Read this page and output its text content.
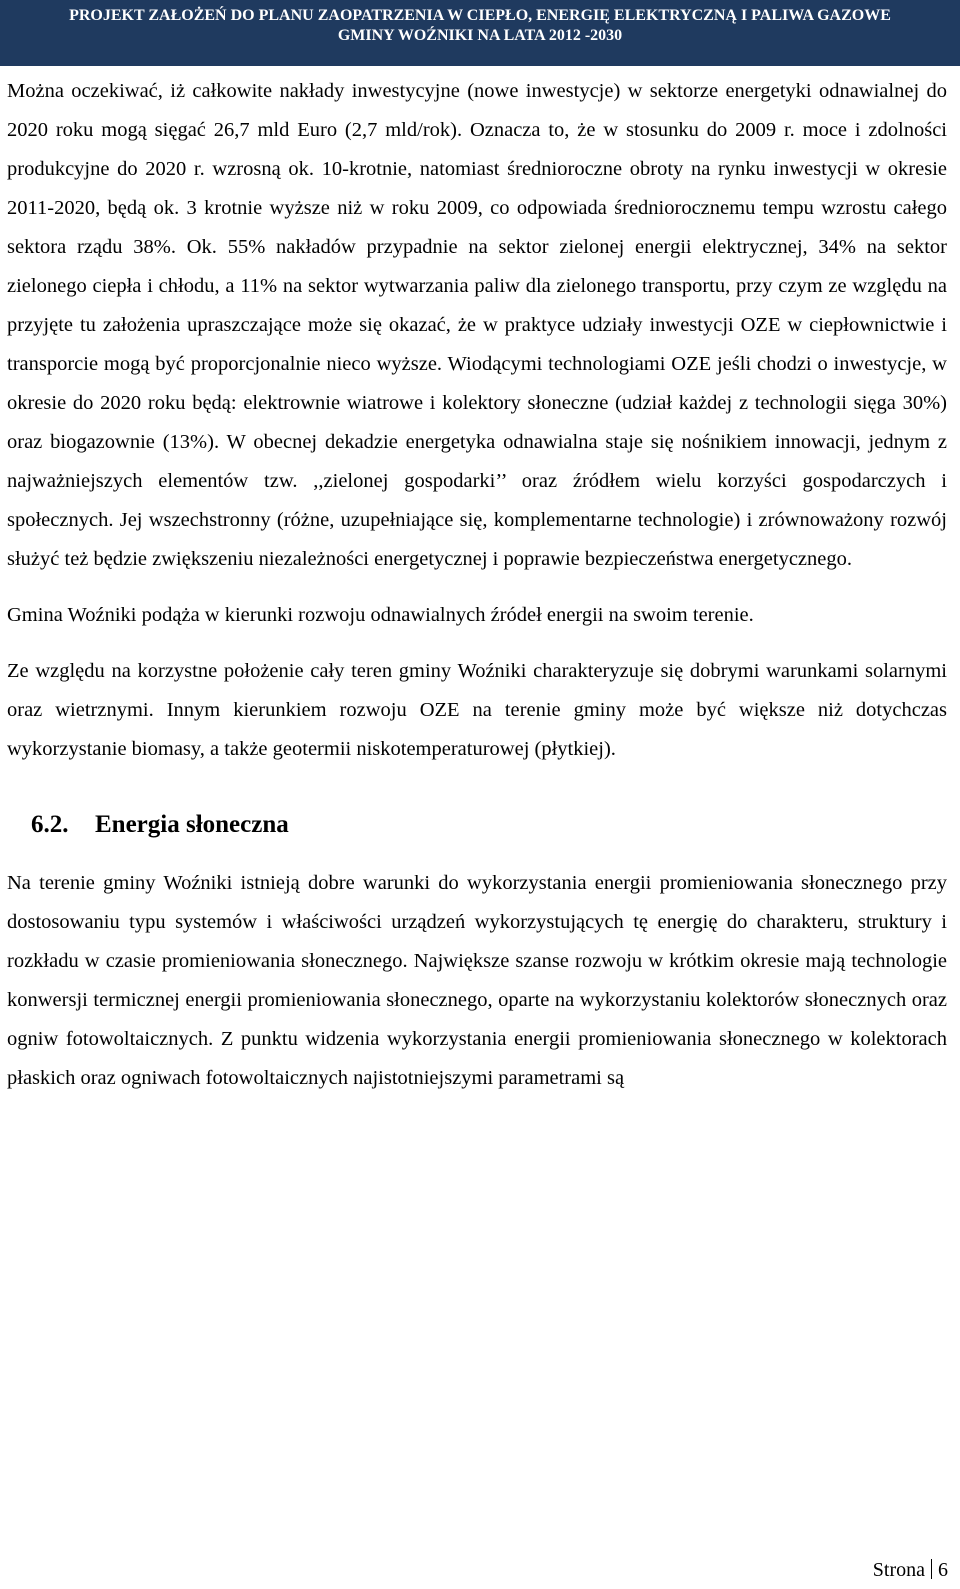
PROJEKT ZAŁOŻEŃ DO PLANU ZAOPATRZENIA W CIEPŁO, ENERGIĘ ELEKTRYCZNĄ I PALIWA GAZOWE
GMINY WOŹNIKI NA LATA 2012 -2030

Można oczekiwać, iż całkowite nakłady inwestycyjne (nowe inwestycje) w sektorze energetyki odnawialnej do 2020 roku mogą sięgać 26,7 mld Euro (2,7 mld/rok). Oznacza to, że w stosunku do 2009 r. moce i zdolności produkcyjne do 2020 r. wzrosną ok. 10-krotnie, natomiast średnioroczne obroty na rynku inwestycji w okresie 2011-2020, będą ok. 3 krotnie wyższe niż w roku 2009, co odpowiada średniorocznemu tempu wzrostu całego sektora rządu 38%. Ok. 55% nakładów przypadnie na sektor zielonej energii elektrycznej, 34% na sektor zielonego ciepła i chłodu, a 11% na sektor wytwarzania paliw dla zielonego transportu, przy czym ze względu na przyjęte tu założenia upraszczające może się okazać, że w praktyce udziały inwestycji OZE w ciepłownictwie i transporcie mogą być proporcjonalnie nieco wyższe. Wiodącymi technologiami OZE jeśli chodzi o inwestycje, w okresie do 2020 roku będą: elektrownie wiatrowe i kolektory słoneczne (udział każdej z technologii sięga 30%) oraz biogazownie (13%). W obecnej dekadzie energetyka odnawialna staje się nośnikiem innowacji, jednym z najważniejszych elementów tzw. ,,zielonej gospodarki’’ oraz źródłem wielu korzyści gospodarczych i społecznych. Jej wszechstronny (różne, uzupełniające się, komplementarne technologie) i zrównoważony rozwój służyć też będzie zwiększeniu niezależności energetycznej i poprawie bezpieczeństwa energetycznego.

Gmina Woźniki podąża w kierunki rozwoju odnawialnych źródeł energii na swoim terenie.

Ze względu na korzystne położenie cały teren gminy Woźniki charakteryzuje się dobrymi warunkami solarnymi oraz wietrznymi. Innym kierunkiem rozwoju OZE na terenie gminy może być większe niż dotychczas wykorzystanie biomasy, a także geotermii niskotemperaturowej (płytkiej).

6.2.	Energia słoneczna

Na terenie gminy Woźniki istnieją dobre warunki do wykorzystania energii promieniowania słonecznego przy dostosowaniu typu systemów i właściwości urządzeń wykorzystujących tę energię do charakteru, struktury i rozkładu w czasie promieniowania słonecznego. Największe szanse rozwoju w krótkim okresie mają technologie konwersji termicznej energii promieniowania słonecznego, oparte na wykorzystaniu kolektorów słonecznych oraz ogniw fotowoltaicznych. Z punktu widzenia wykorzystania energii promieniowania słonecznego w kolektorach płaskich oraz ogniwach fotowoltaicznych najistotniejszymi parametrami są

Strona 6
